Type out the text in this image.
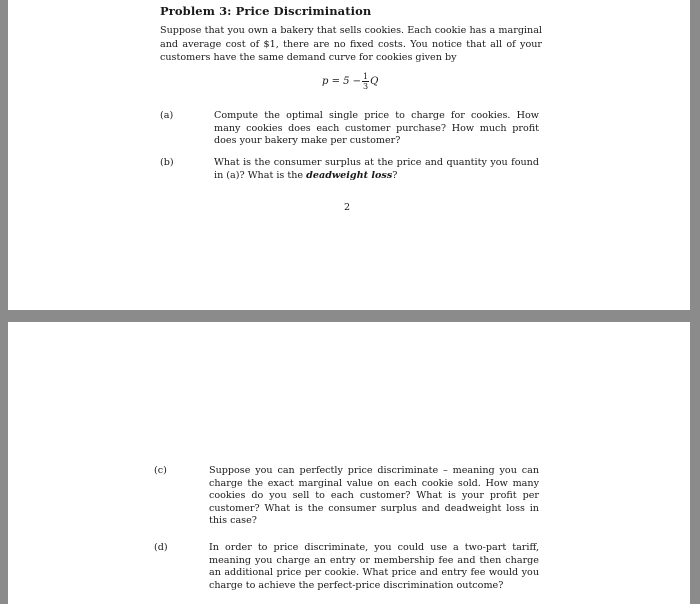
Problem 3: Price Discrimination
Suppose that you own a bakery that sells cookies. Each cookie has a marginal and average cost of $1, there are no fixed costs. You notice that all of your customers have the same demand curve for cookies given by
$p = 5 - \frac{1}{3}$ Q
(a)	Compute the optimal single price to charge for cookies. How many cookies does each customer purchase? How much profit does your bakery make per customer?
(b)	What is the consumer surplus at the price and quantity you found in (a)? What is the deadweight loss?
2
(c)	Suppose you can perfectly price discriminate – meaning you can charge the exact marginal value on each cookie sold. How many cookies do you sell to each customer? What is your profit per customer? What is the consumer surplus and deadweight loss in this case?
(d)	In order to price discriminate, you could use a two-part tariff, meaning you charge an entry or membership fee and then charge an additional price per cookie. What price and entry fee would you charge to achieve the perfect-price discrimination outcome?
